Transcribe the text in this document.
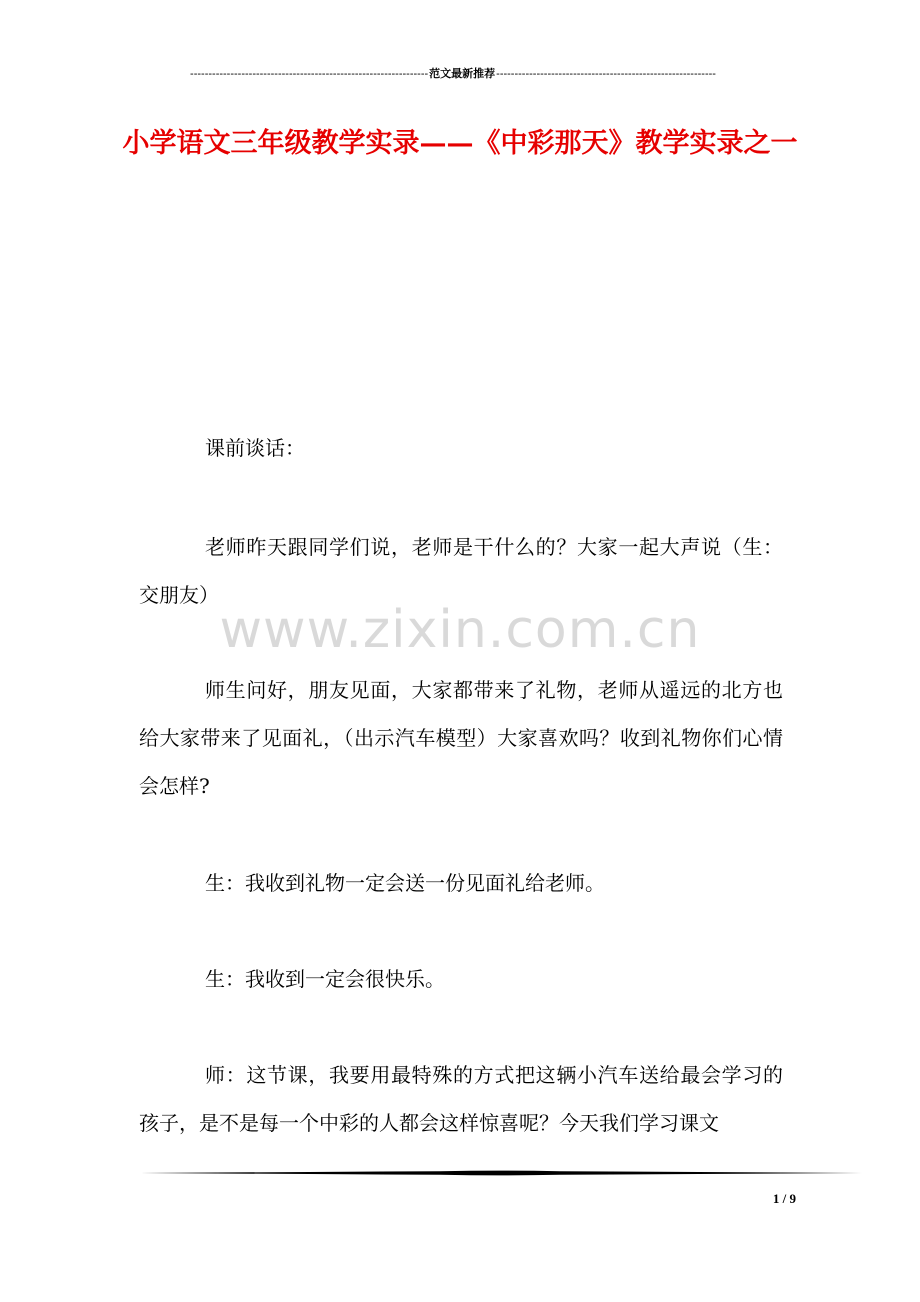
-----------------------------------------------------------------范文最新推荐------------------------------------------------------------
小学语文三年级教学实录——《中彩那天》教学实录之一
www.zixin.com.cn

课前谈话：

老师昨天跟同学们说，老师是干什么的？大家一起大声说（生：交朋友）

师生问好，朋友见面，大家都带来了礼物，老师从遥远的北方也给大家带来了见面礼，（出示汽车模型）大家喜欢吗？收到礼物你们心情会怎样?

生：我收到礼物一定会送一份见面礼给老师。

生：我收到一定会很快乐。

师：这节课，我要用最特殊的方式把这辆小汽车送给最会学习的孩子，是不是每一个中彩的人都会这样惊喜呢？今天我们学习课文

1 / 9
